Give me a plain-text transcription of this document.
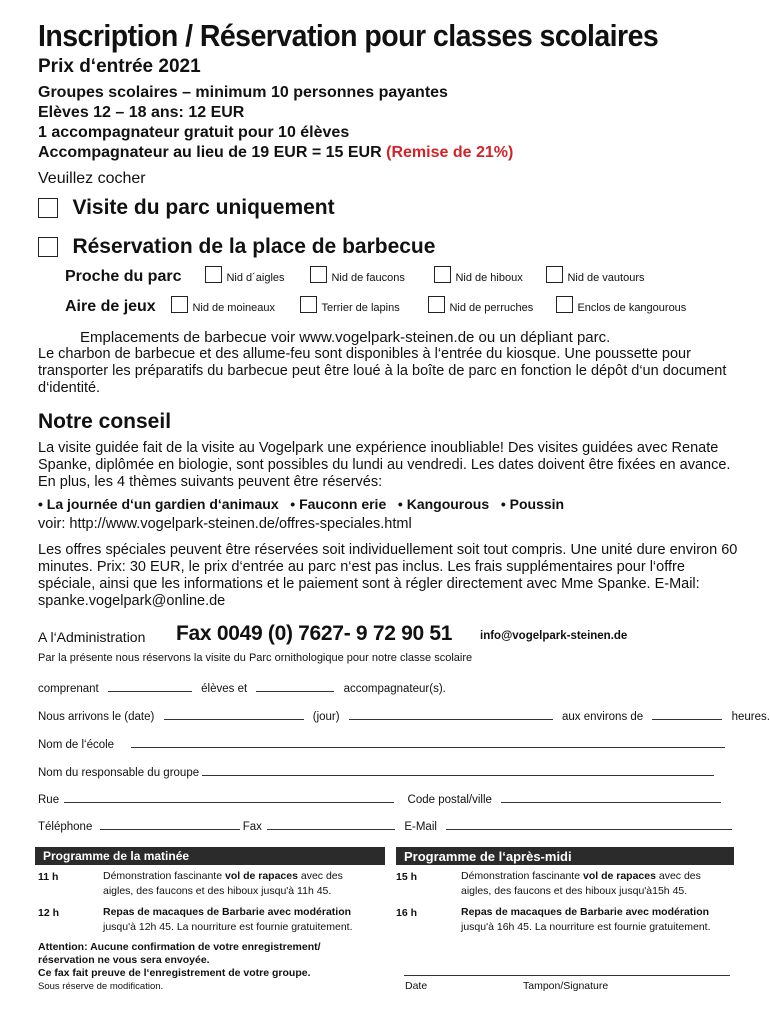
Inscription / Réservation pour classes scolaires
Prix d‘entrée 2021
Groupes scolaires – minimum 10 personnes payantes
Elèves 12 – 18 ans: 12 EUR
1 accompagnateur gratuit pour 10 élèves
Accompagnateur au lieu de 19 EUR = 15 EUR (Remise de 21%)
Veuillez cocher
Visite du parc uniquement
Réservation de la place de barbecue
Proche du parc	Nid d´aigles	Nid de faucons	Nid de hiboux	Nid de vautours
Aire de jeux	Nid de moineaux	Terrier de lapins	Nid de perruches	Enclos de kangourous
Emplacements de barbecue voir www.vogelpark-steinen.de ou un dépliant parc.
Le charbon de barbecue et des allume-feu sont disponibles à l‘entrée du kiosque. Une poussette pour transporter les préparatifs du barbecue peut être loué à la boîte de parc en fonction le dépôt d‘un document d‘identité.
Notre conseil
La visite guidée fait de la visite au Vogelpark une expérience inoubliable! Des visites guidées avec Renate Spanke, diplômée en biologie, sont possibles du lundi au vendredi. Les dates doivent être fixées en avance. En plus, les 4 thèmes suivants peuvent être réservés:
• La journée d‘un gardien d‘animaux   • Fauconn erie   • Kangourous   • Poussin
voir: http://www.vogelpark-steinen.de/offres-speciales.html
Les offres spéciales peuvent être réservées soit individuellement soit tout compris. Une unité dure environ 60 minutes. Prix: 30 EUR, le prix d‘entrée au parc n‘est pas inclus. Les frais supplémentaires pour l‘offre spéciale, ainsi que les informations et le paiement sont à régler directement avec Mme Spanke. E-Mail: spanke.vogelpark@online.de
A l‘Administration Fax 0049 (0) 7627- 9 72 90 51 info@vogelpark-steinen.de
Par la présente nous réservons la visite du Parc ornithologique pour notre classe scolaire
comprenant	élèves et	accompagnateur(s).
Nous arrivons le (date)	(jour)	aux environs de	heures.
Nom de l‘école
Nom du responsable du groupe
Rue	Code postal/ville
Téléphone	Fax	E-Mail
Programme de la matinée	Programme de l‘après-midi
11 h	Démonstration fascinante vol de rapaces avec des aigles, des faucons et des hiboux jusqu'à 11h 45.
12 h	Repas de macaques de Barbarie avec modération jusqu'à 12h 45. La nourriture est fournie gratuitement.
15 h	Démonstration fascinante vol de rapaces avec des aigles, des faucons et des hiboux jusqu'à15h 45.
16 h	Repas de macaques de Barbarie avec modération jusqu'à 16h 45. La nourriture est fournie gratuitement.
Attention: Aucune confirmation de votre enregistrement/
réservation ne vous sera envoyée.
Ce fax fait preuve de l‘enregistrement de votre groupe.
Sous réserve de modification.	Date	Tampon/Signature
